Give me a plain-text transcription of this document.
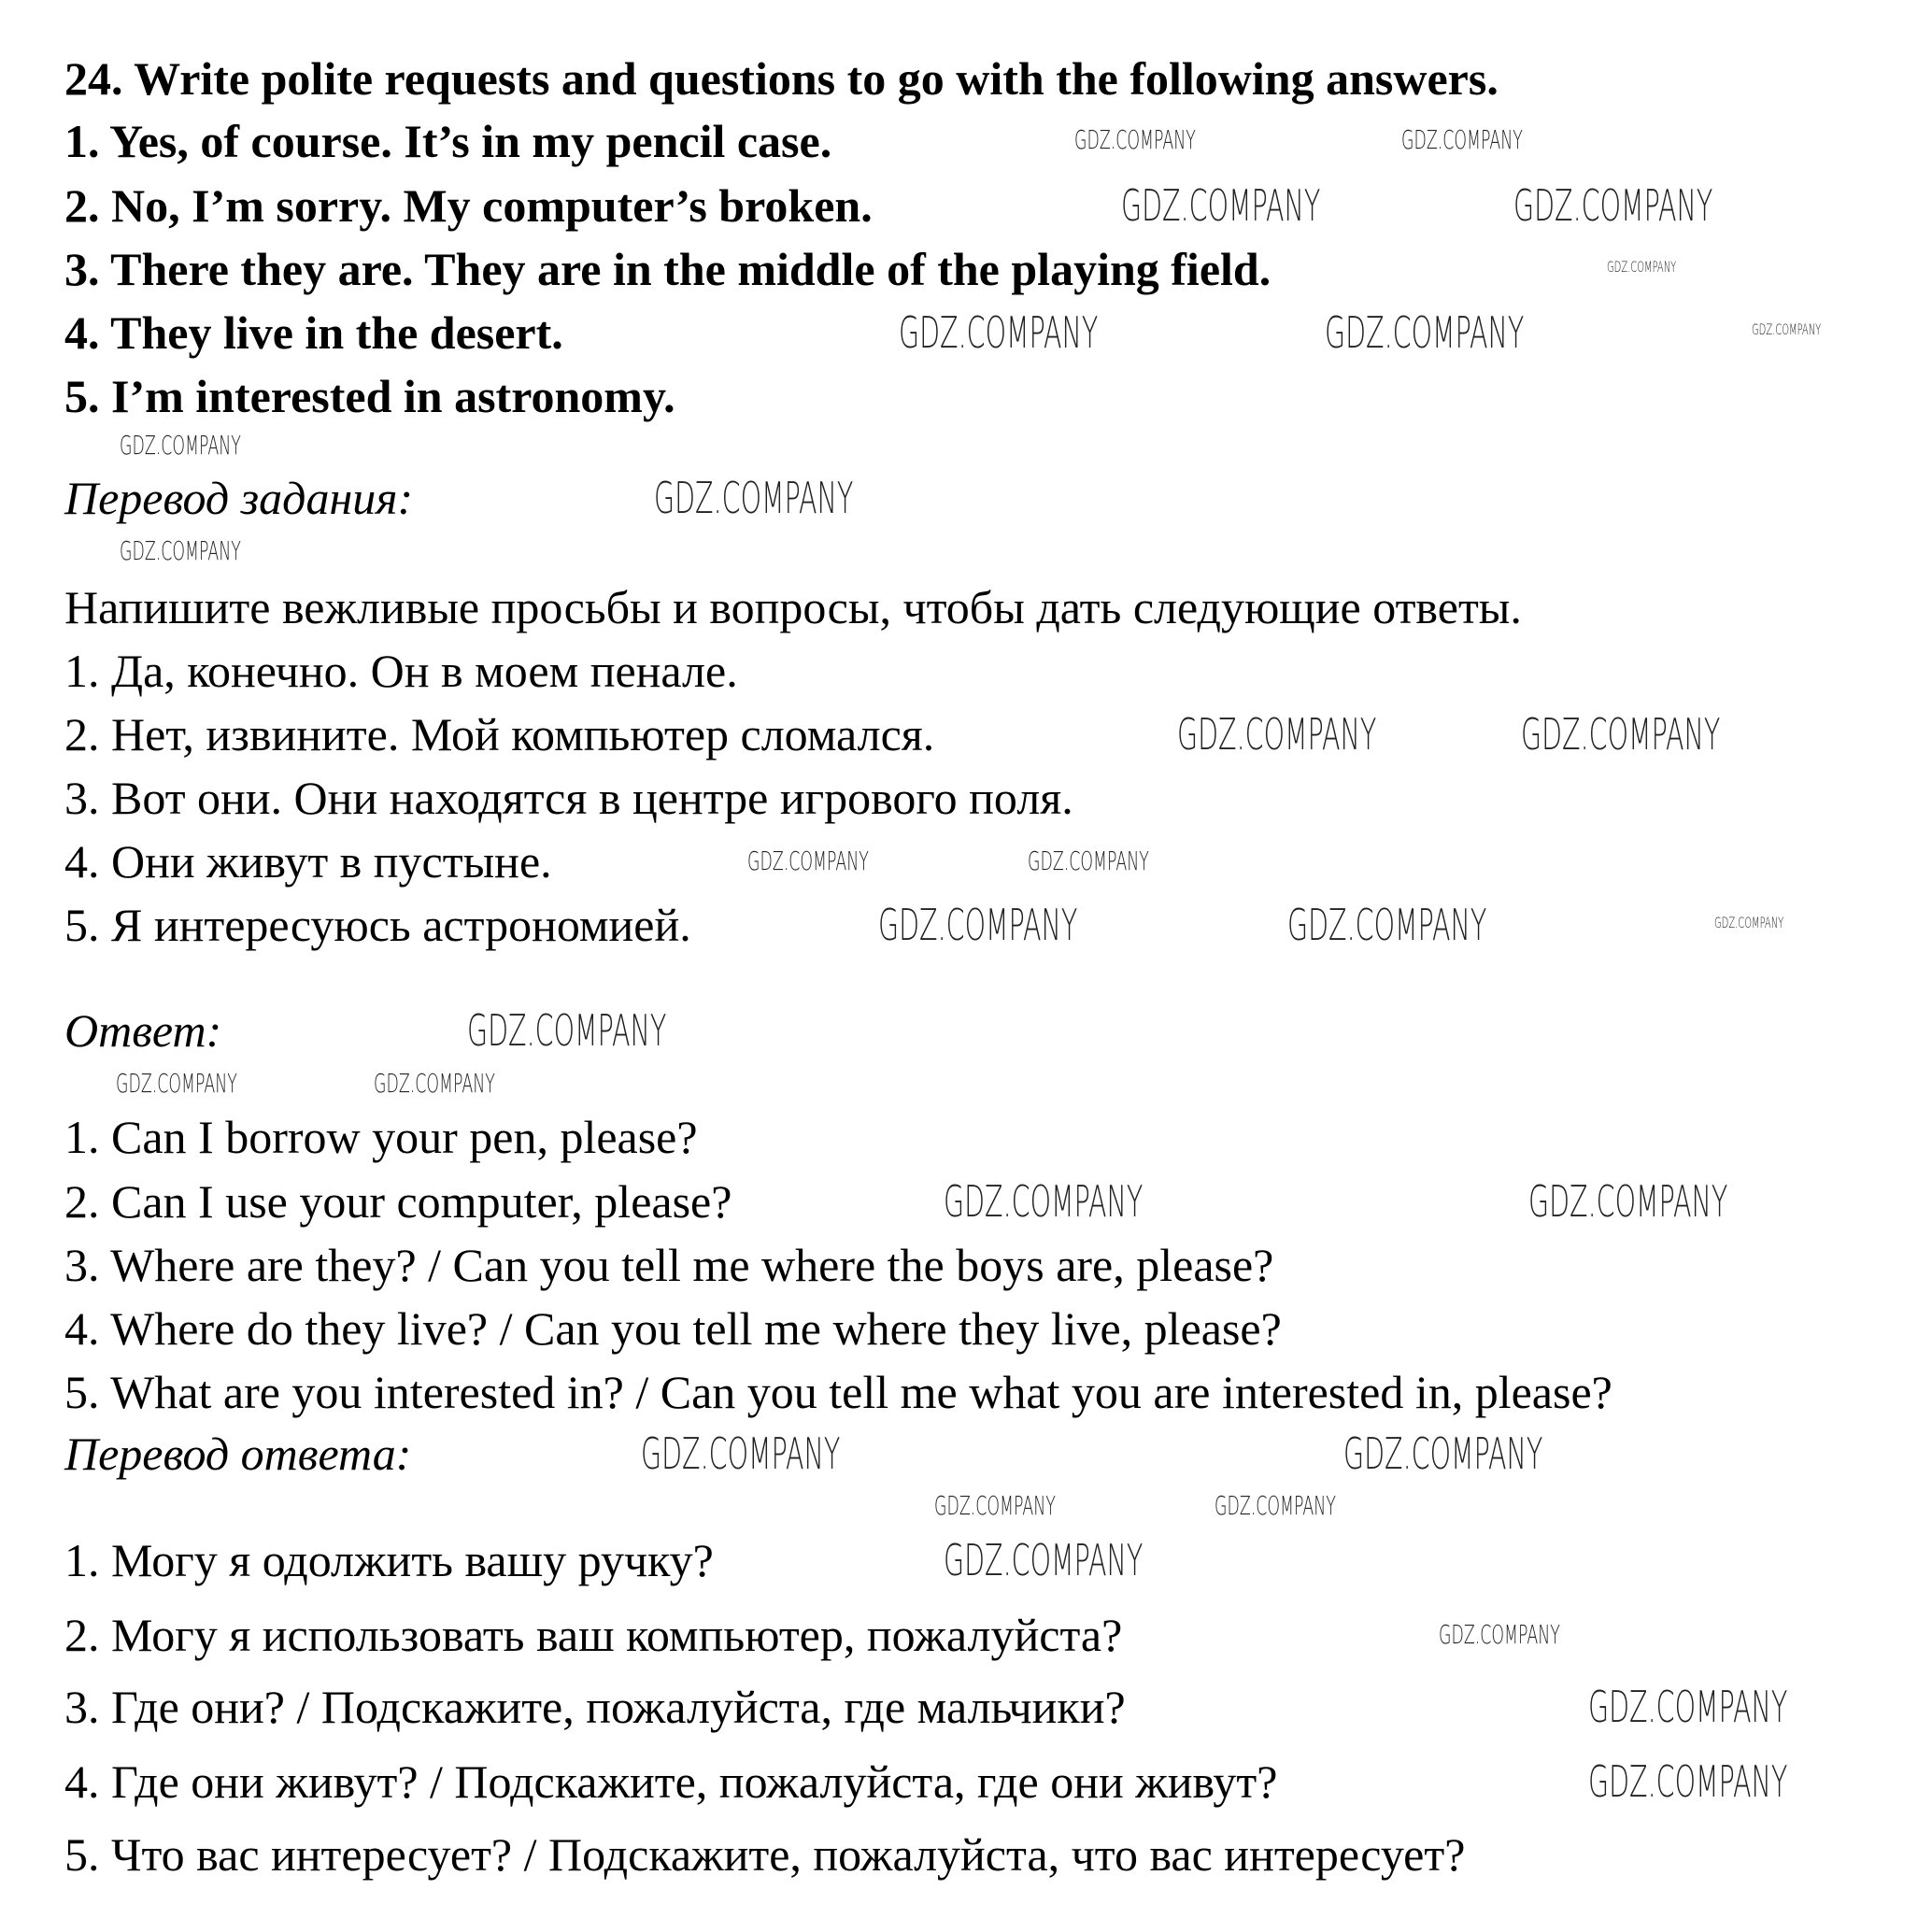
24. Write polite requests and questions to go with the following answers.
1. Yes, of course. It’s in my pencil case.
2. No, I’m sorry. My computer’s broken.
3. There they are. They are in the middle of the playing field.
4. They live in the desert.
5. I’m interested in astronomy.
Перевод задания:
Напишите вежливые просьбы и вопросы, чтобы дать следующие ответы.
1. Да, конечно. Он в моем пенале.
2. Нет, извините. Мой компьютер сломался.
3. Вот они. Они находятся в центре игрового поля.
4. Они живут в пустыне.
5. Я интересуюсь астрономией.
Ответ:
1. Can I borrow your pen, please?
2. Can I use your computer, please?
3. Where are they? / Can you tell me where the boys are, please?
4. Where do they live? / Can you tell me where they live, please?
5. What are you interested in? / Can you tell me what you are interested in, please?
Перевод ответа:
1. Могу я одолжить вашу ручку?
2. Могу я использовать ваш компьютер, пожалуйста?
3. Где они? / Подскажите, пожалуйста, где мальчики?
4. Где они живут? / Подскажите, пожалуйста, где они живут?
5. Что вас интересует? / Подскажите, пожалуйста, что вас интересует?
GDZ.COMPANY	GDZ.COMPANY
GDZ.COMPANY	GDZ.COMPANY
GDZ.COMPANY
GDZ.COMPANY
GDZ.COMPANY	GDZ.COMPANY	GDZ.COMPANY
GDZ.COMPANY
GDZ.COMPANY
GDZ.COMPANY	GDZ.COMPANY
GDZ.COMPANY	GDZ.COMPANY
GDZ.COMPANY	GDZ.COMPANY	GDZ.COMPANY
GDZ.COMPANY
GDZ.COMPANY
GDZ.COMPANY	GDZ.COMPANY
GDZ.COMPANY
GDZ.COMPANY	GDZ.COMPANY
GDZ.COMPANY
GDZ.COMPANY
GDZ.COMPANY
GDZ.COMPANY
GDZ.COMPANY	GDZ.COMPANY
